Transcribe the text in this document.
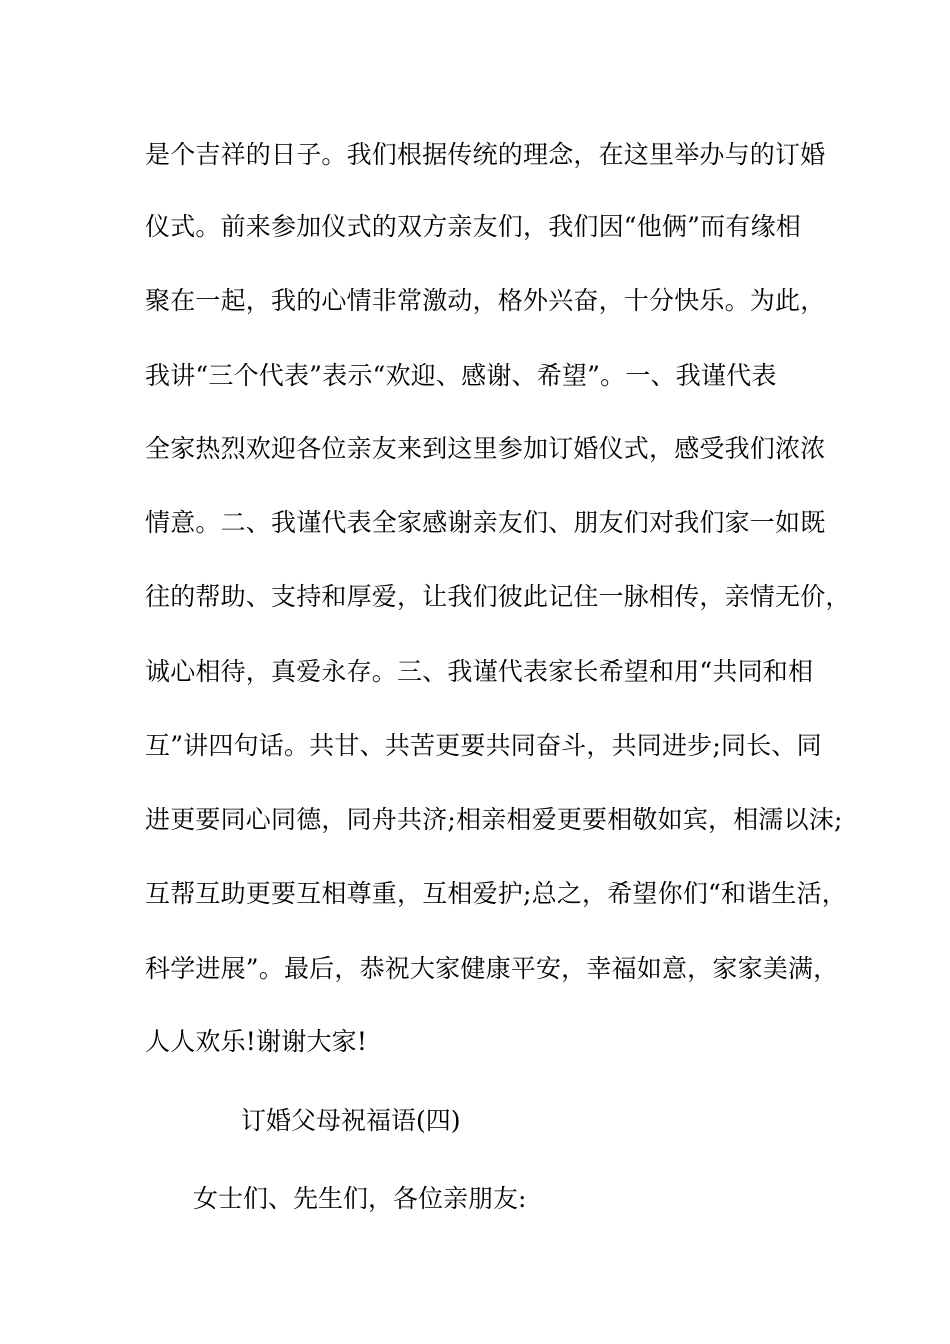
是个吉祥的日子。我们根据传统的理念，在这里举办与的订婚
仪式。前来参加仪式的双方亲友们，我们因“他俩”而有缘相
聚在一起，我的心情非常激动，格外兴奋，十分快乐。为此，
我讲“三个代表”表示“欢迎、感谢、希望”。一、我谨代表
全家热烈欢迎各位亲友来到这里参加订婚仪式，感受我们浓浓
情意。二、我谨代表全家感谢亲友们、朋友们对我们家一如既
往的帮助、支持和厚爱，让我们彼此记住一脉相传，亲情无价，
诚心相待，真爱永存。三、我谨代表家长希望和用“共同和相
互”讲四句话。共甘、共苦更要共同奋斗，共同进步;同长、同
进更要同心同德，同舟共济;相亲相爱更要相敬如宾，相濡以沫;
互帮互助更要互相尊重，互相爱护;总之，希望你们“和谐生活，
科学进展”。最后，恭祝大家健康平安，幸福如意，家家美满，
人人欢乐!谢谢大家!
订婚父母祝福语(四)
女士们、先生们，各位亲朋友:
